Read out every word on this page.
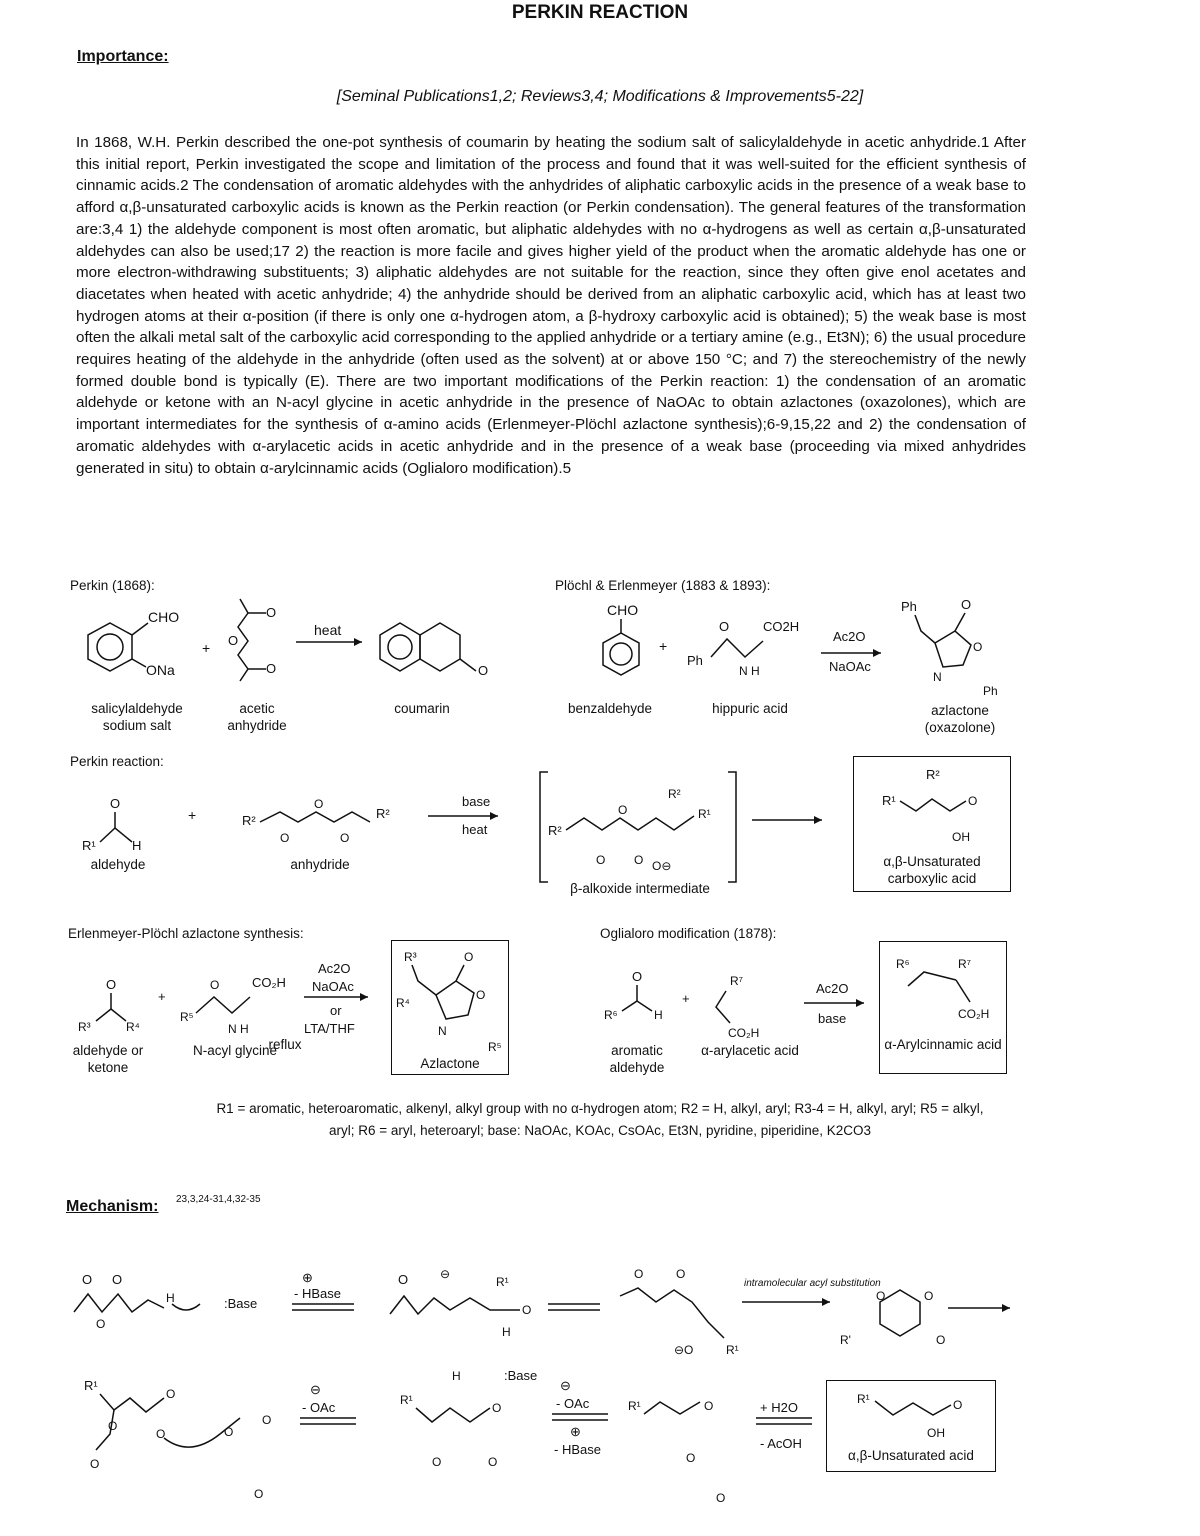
PERKIN REACTION
Importance:
[Seminal Publications1,2; Reviews3,4; Modifications & Improvements5-22]
In 1868, W.H. Perkin described the one-pot synthesis of coumarin by heating the sodium salt of salicylaldehyde in acetic anhydride.1 After this initial report, Perkin investigated the scope and limitation of the process and found that it was well-suited for the efficient synthesis of cinnamic acids.2 The condensation of aromatic aldehydes with the anhydrides of aliphatic carboxylic acids in the presence of a weak base to afford α,β-unsaturated carboxylic acids is known as the Perkin reaction (or Perkin condensation). The general features of the transformation are:3,4 1) the aldehyde component is most often aromatic, but aliphatic aldehydes with no α-hydrogens as well as certain α,β-unsaturated aldehydes can also be used;17 2) the reaction is more facile and gives higher yield of the product when the aromatic aldehyde has one or more electron-withdrawing substituents; 3) aliphatic aldehydes are not suitable for the reaction, since they often give enol acetates and diacetates when heated with acetic anhydride; 4) the anhydride should be derived from an aliphatic carboxylic acid, which has at least two hydrogen atoms at their α-position (if there is only one α-hydrogen atom, a β-hydroxy carboxylic acid is obtained); 5) the weak base is most often the alkali metal salt of the carboxylic acid corresponding to the applied anhydride or a tertiary amine (e.g., Et3N); 6) the usual procedure requires heating of the aldehyde in the anhydride (often used as the solvent) at or above 150 °C; and 7) the stereochemistry of the newly formed double bond is typically (E). There are two important modifications of the Perkin reaction: 1) the condensation of an aromatic aldehyde or ketone with an N-acyl glycine in acetic anhydride in the presence of NaOAc to obtain azlactones (oxazolones), which are important intermediates for the synthesis of α-amino acids (Erlenmeyer-Plöchl azlactone synthesis);6-9,15,22 and 2) the condensation of aromatic aldehydes with α-arylacetic acids in acetic anhydride and in the presence of a weak base (proceeding via mixed anhydrides generated in situ) to obtain α-arylcinnamic acids (Oglialoro modification).5
Perkin (1868):
CHO
ONa
+
O
O
O
heat
O
salicylaldehyde sodium salt
acetic anhydride
coumarin
Plöchl & Erlenmeyer (1883 & 1893):
CHO
+
Ph
O
N H
CO2H
Ac2O
NaOAc
Ph	O
O
N
Ph
benzaldehyde	hippuric acid	azlactone (oxazolone)
Perkin reaction:
O
R¹	H
+	R²
O
O	O
R²
base
heat	R²
O
O O
R²
R¹
O⊖
aldehyde	anhydride
β-alkoxide intermediate
R²
R¹	O
OH
α,β-Unsaturated carboxylic acid
Erlenmeyer-Plöchl azlactone synthesis:
O
R³	R⁴
+
R⁵
O
N H
CO₂H
Ac2O
NaOAc
or
LTA/THF
reflux
R³
R⁴
O
O
N
R⁵
Azlactone
aldehyde or ketone
N-acyl glycine
Oglialoro modification (1878):
O
R⁶	H
+
R⁷
CO₂H
Ac2O
base
aromatic aldehyde
α-arylacetic acid
R⁶	R⁷
CO₂H
α-Arylcinnamic acid
R1 = aromatic, heteroaromatic, alkenyl, alkyl group with no α-hydrogen atom; R2 = H, alkyl, aryl; R3-4 = H, alkyl, aryl; R5 = alkyl,
aryl; R6 = aryl, heteroaryl; base: NaOAc, KOAc, CsOAc, Et3N, pyridine, piperidine, K2CO3
Mechanism: 23,3,24-31,4,32-35
O O
O
H	:Base
⊕
- HBase
O	⊖
R¹
O
H
O	O
⊖O	R¹
intramolecular acyl substitution
O	O
R'	O
R¹
O
O
O
O	O
O
O
⊖
- OAc
H	:Base
R¹
O
O	O
⊖
- OAc
⊕
- HBase
R¹	O
O
O
+ H2O
- AcOH
R¹	O
OH
α,β-Unsaturated acid
